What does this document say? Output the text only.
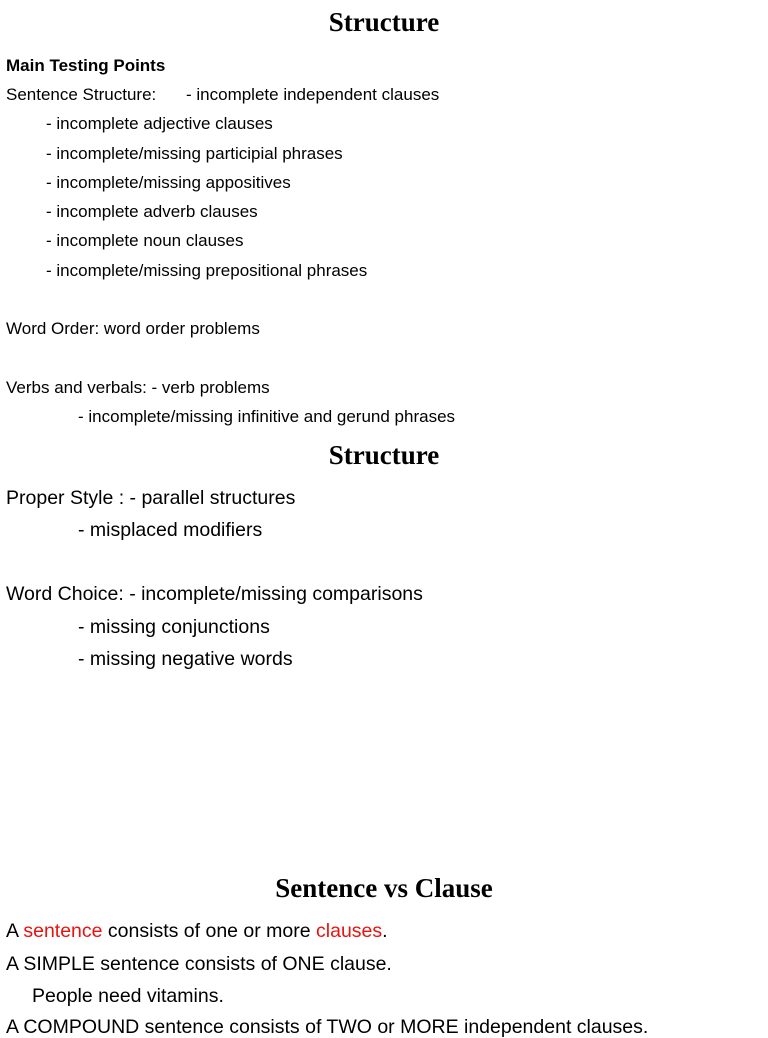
Structure
Main Testing Points
Sentence Structure: - incomplete independent clauses
- incomplete adjective clauses
- incomplete/missing participial phrases
- incomplete/missing appositives
- incomplete adverb clauses
- incomplete noun clauses
- incomplete/missing prepositional phrases
Word Order: word order problems
Verbs and verbals: - verb problems
- incomplete/missing infinitive and gerund phrases
Structure
Proper Style : - parallel structures
- misplaced modifiers
Word Choice: - incomplete/missing comparisons
- missing conjunctions
- missing negative words
Sentence vs Clause
A sentence consists of one or more clauses.
A SIMPLE sentence consists of ONE clause.
People need vitamins.
A COMPOUND sentence consists of TWO or MORE independent clauses.
